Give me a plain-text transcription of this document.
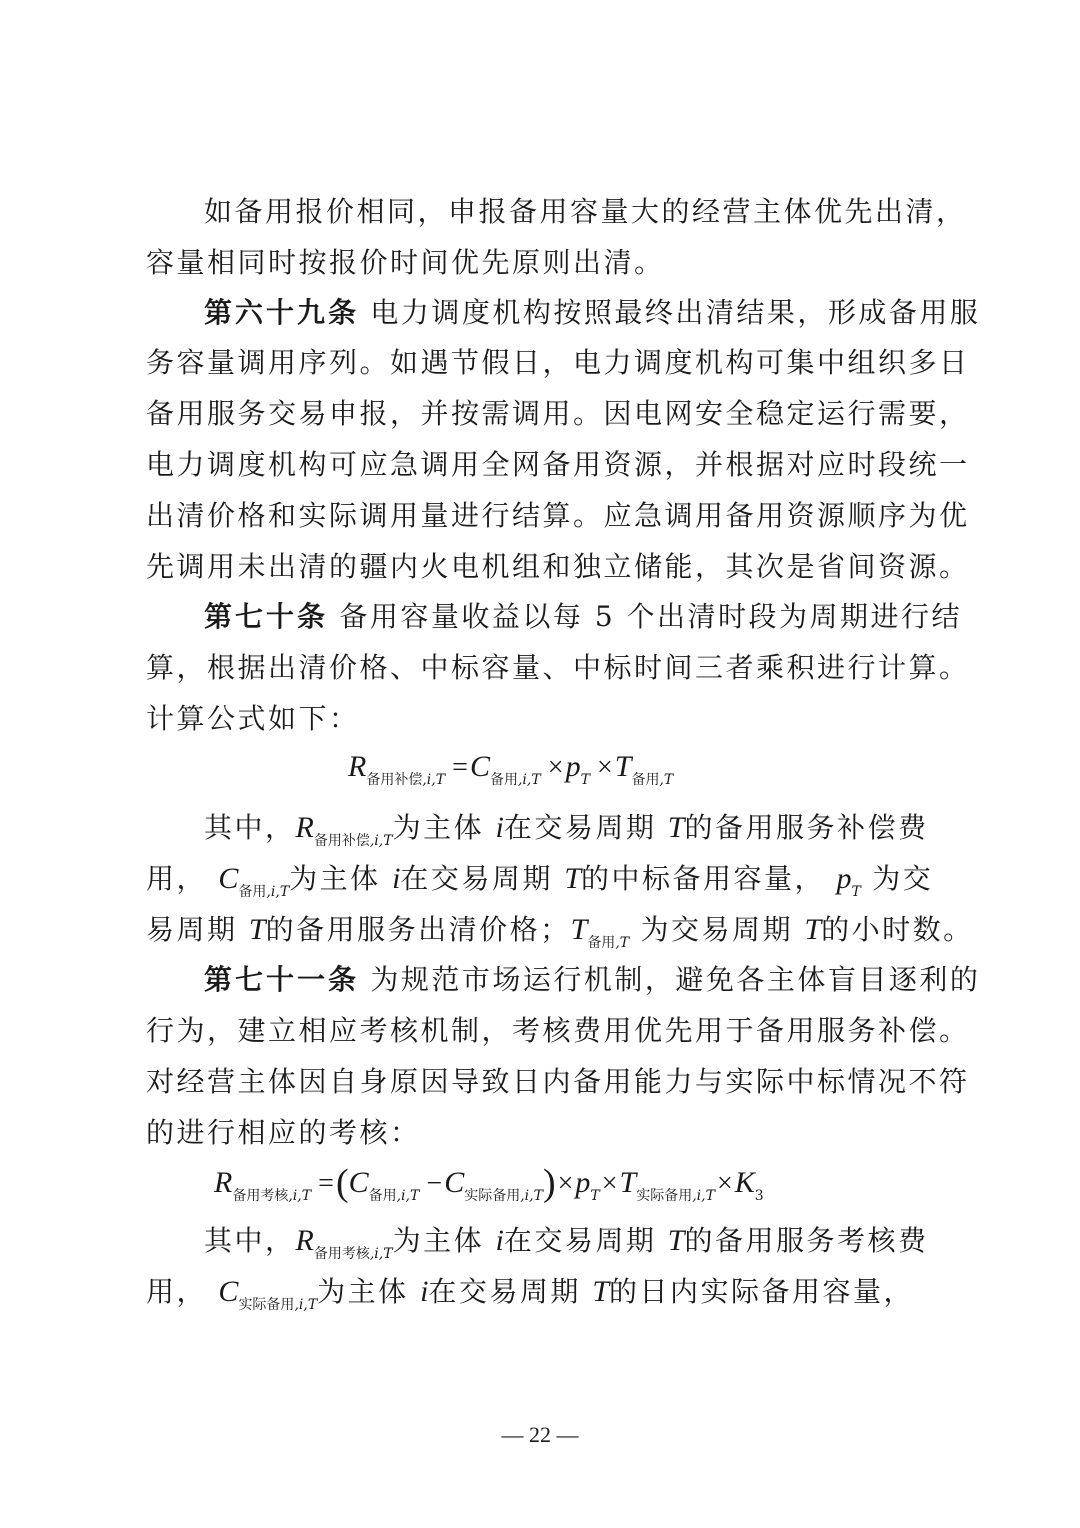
如备用报价相同，申报备用容量大的经营主体优先出清，
容量相同时按报价时间优先原则出清。
第六十九条 电力调度机构按照最终出清结果，形成备用服
务容量调用序列。如遇节假日，电力调度机构可集中组织多日
备用服务交易申报，并按需调用。因电网安全稳定运行需要，
电力调度机构可应急调用全网备用资源，并根据对应时段统一
出清价格和实际调用量进行结算。应急调用备用资源顺序为优
先调用未出清的疆内火电机组和独立储能，其次是省间资源。
第七十条 备用容量收益以每 5 个出清时段为周期进行结
算，根据出清价格、中标容量、中标时间三者乘积进行计算。
计算公式如下：
R备用补偿,i,T =C备用,i,T ×pT ×T备用,T
其中，$R_{备用补偿,i,T}$为主体 i在交易周期 T的备用服务补偿费
用， $C_{备用,i,T}$为主体 i在交易周期 T的中标备用容量， $p_T$ 为交
易周期 T的备用服务出清价格；$T_{备用,T}$ 为交易周期 T的小时数。
第七十一条 为规范市场运行机制，避免各主体盲目逐利的
行为，建立相应考核机制，考核费用优先用于备用服务补偿。
对经营主体因自身原因导致日内备用能力与实际中标情况不符
的进行相应的考核：
R备用考核,i,T =(C备用,i,T −C实际备用,i,T)×pT×T实际备用,i,T×K3
其中，$R_{备用考核,i,T}$为主体 i在交易周期 T的备用服务考核费
用， $C_{实际备用,i,T}$为主体 i在交易周期 T的日内实际备用容量，
— 22 —
